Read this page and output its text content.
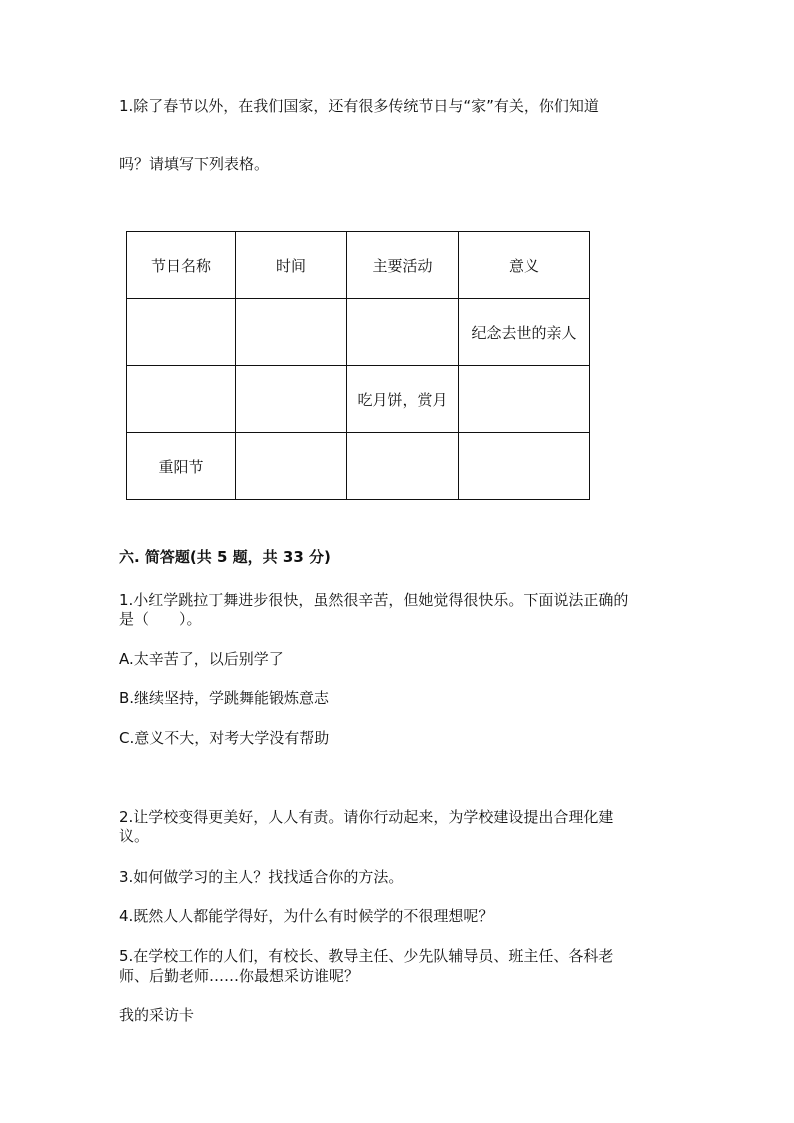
1.除了春节以外，在我们国家，还有很多传统节日与“家”有关，你们知道
吗？请填写下列表格。
节日名称	时间	主要活动	意义
			纪念去世的亲人
		吃月饼，赏月	
重阳节			
六. 简答题(共 5 题，共 33 分)
1.小红学跳拉丁舞进步很快，虽然很辛苦，但她觉得很快乐。下面说法正确的
是（　　）。
A.太辛苦了，以后别学了
B.继续坚持，学跳舞能锻炼意志
C.意义不大，对考大学没有帮助
2.让学校变得更美好，人人有责。请你行动起来，为学校建设提出合理化建
议。
3.如何做学习的主人？找找适合你的方法。
4.既然人人都能学得好，为什么有时候学的不很理想呢？
5.在学校工作的人们，有校长、教导主任、少先队辅导员、班主任、各科老
师、后勤老师……你最想采访谁呢？
我的采访卡
